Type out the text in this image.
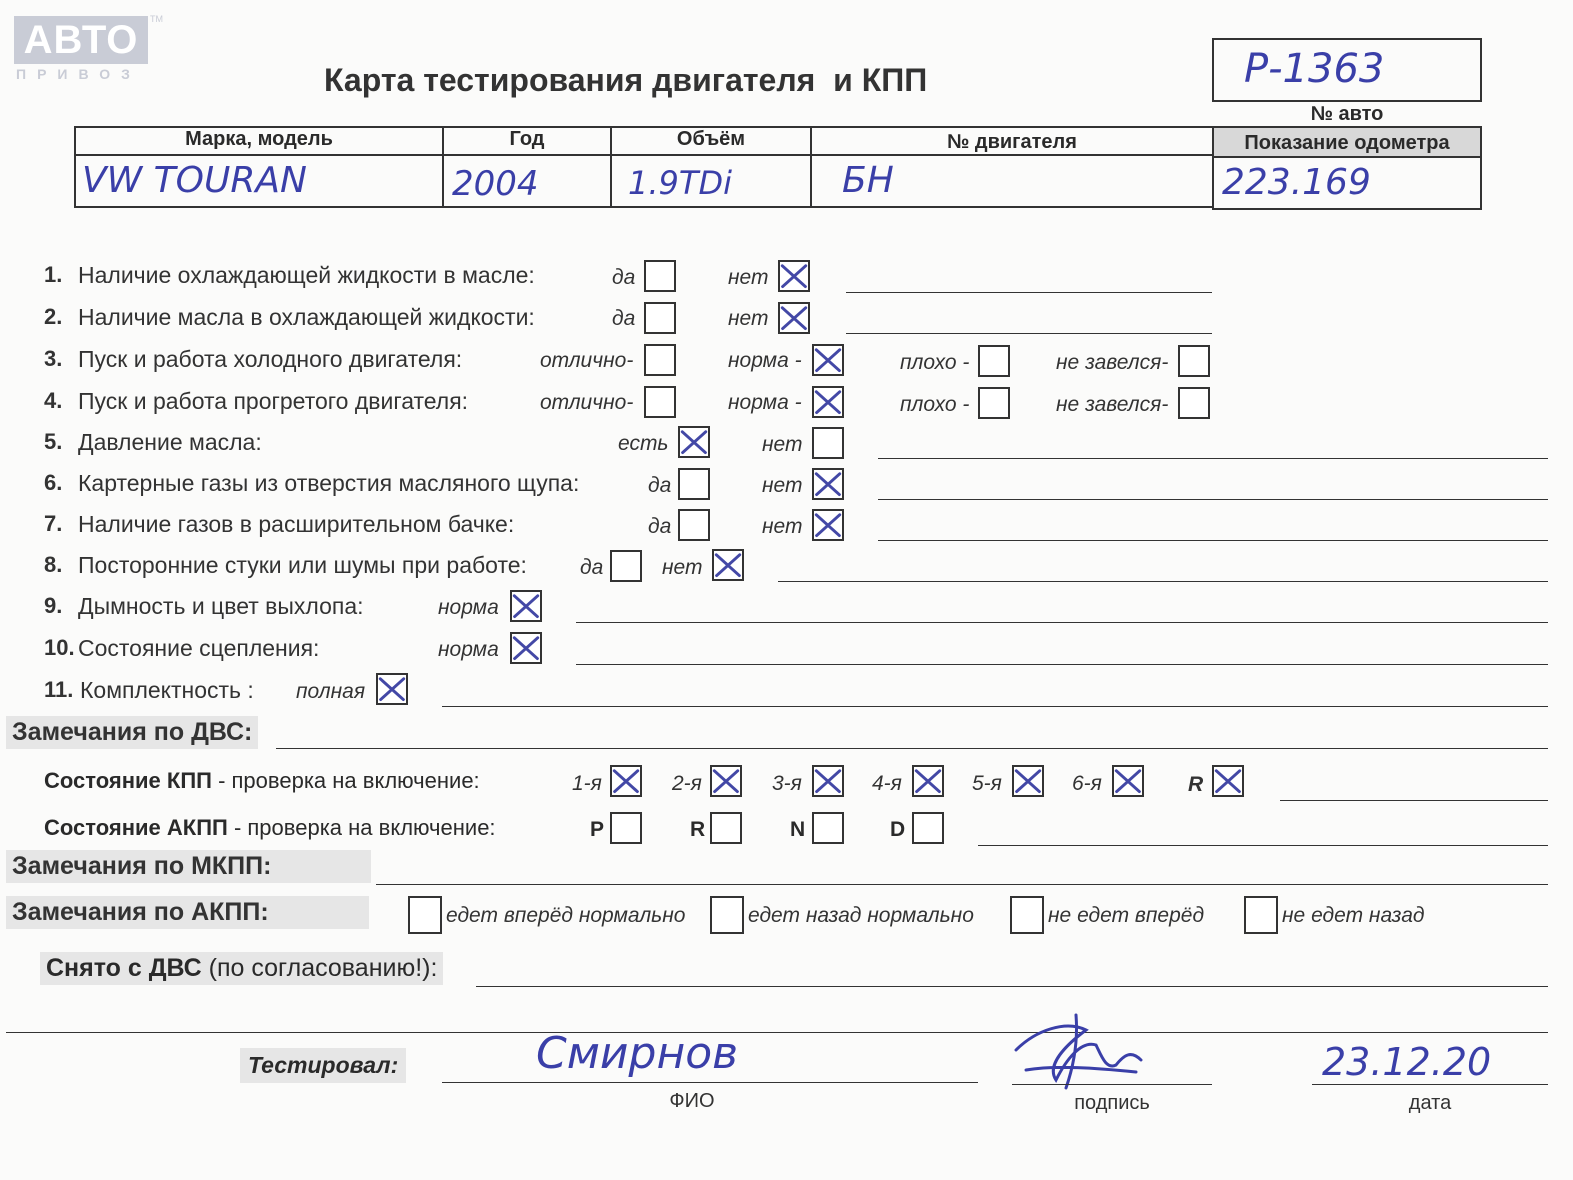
АВТО
ПРИВОЗ
TM
Карта тестирования двигателя  и КПП	Р-1363
№ авто
Марка, модель	Год	Объём	№ двигателя	Показание одометра
VW TOURAN	2004	1.9TDi	БН	223.169
1. Наличие охлаждающей жидкости в масле:	да	нет
2. Наличие масла в охлаждающей жидкости:	да	нет
3. Пуск и работа холодного двигателя:	отлично-	норма -	плохо -	не завелся-
4. Пуск и работа прогретого двигателя:	отлично-	норма -	плохо -	не завелся-
5. Давление масла:	есть	нет
6. Картерные газы из отверстия масляного щупа:	да	нет
7. Наличие газов в расширительном бачке:	да	нет
8. Посторонние стуки или шумы при работе:	да	нет
9. Дымность и цвет выхлопа:	норма
10. Состояние сцепления:	норма
11. Комплектность : полная
Замечания по ДВС:
Состояние КПП - проверка на включение:	1-я	2-я	3-я	4-я	5-я	6-я	R
Состояние АКПП - проверка на включение:	P	R	N	D
Замечания по МКПП:
Замечания по АКПП:	едет вперёд нормально	едет назад нормально	не едет вперёд	не едет назад
Снято с ДВС (по согласованию!):
Тестировал:	Смирнов
ФИО	подпись
23.12.20
дата
